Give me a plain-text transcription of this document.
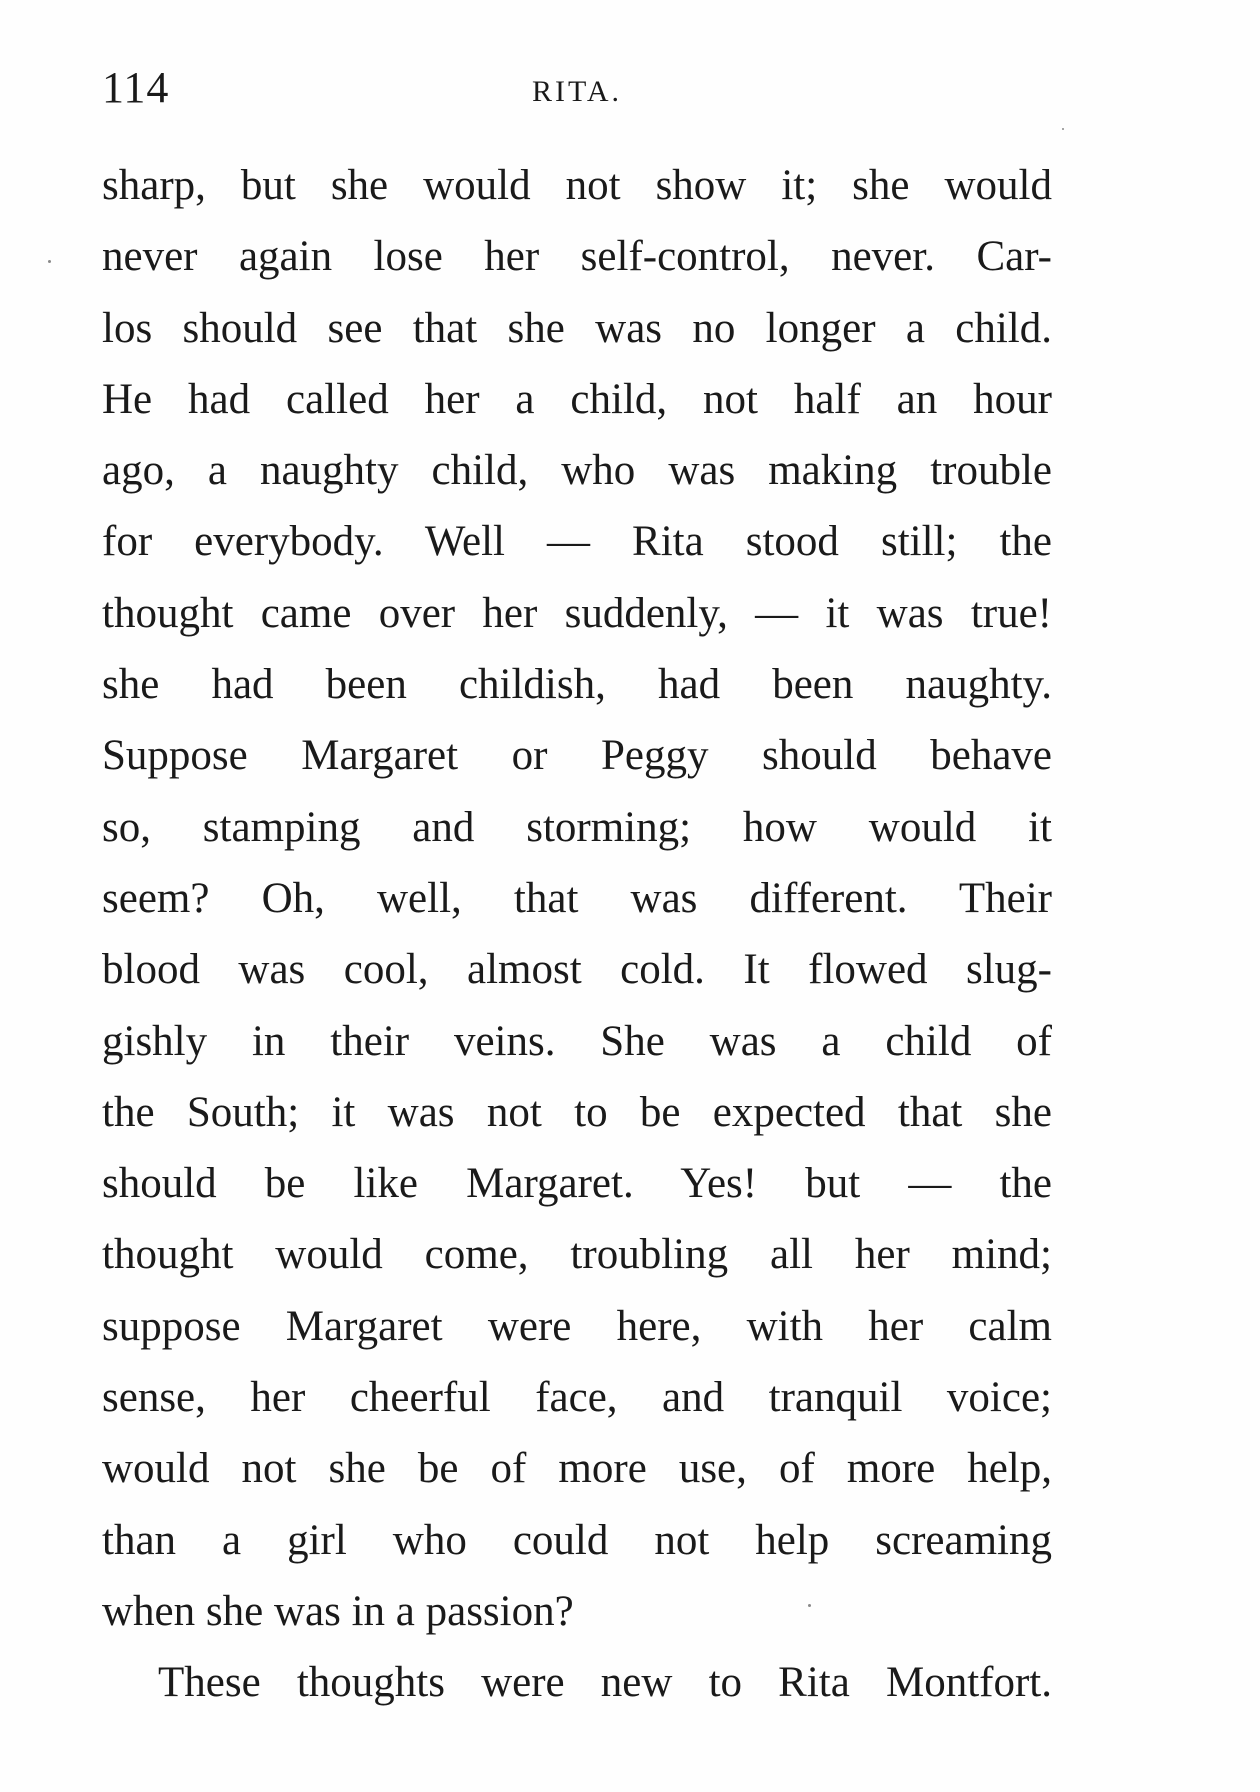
114	RITA.
sharp, but she would not show it; she would
never again lose her self-control, never. Car-
los should see that she was no longer a child.
He had called her a child, not half an hour
ago, a naughty child, who was making trouble
for everybody. Well — Rita stood still; the
thought came over her suddenly, — it was true!
she had been childish, had been naughty.
Suppose Margaret or Peggy should behave
so, stamping and storming; how would it
seem? Oh, well, that was different. Their
blood was cool, almost cold. It flowed slug-
gishly in their veins. She was a child of
the South; it was not to be expected that she
should be like Margaret. Yes! but — the
thought would come, troubling all her mind;
suppose Margaret were here, with her calm
sense, her cheerful face, and tranquil voice;
would not she be of more use, of more help,
than a girl who could not help screaming
when she was in a passion?
These thoughts were new to Rita Montfort.
